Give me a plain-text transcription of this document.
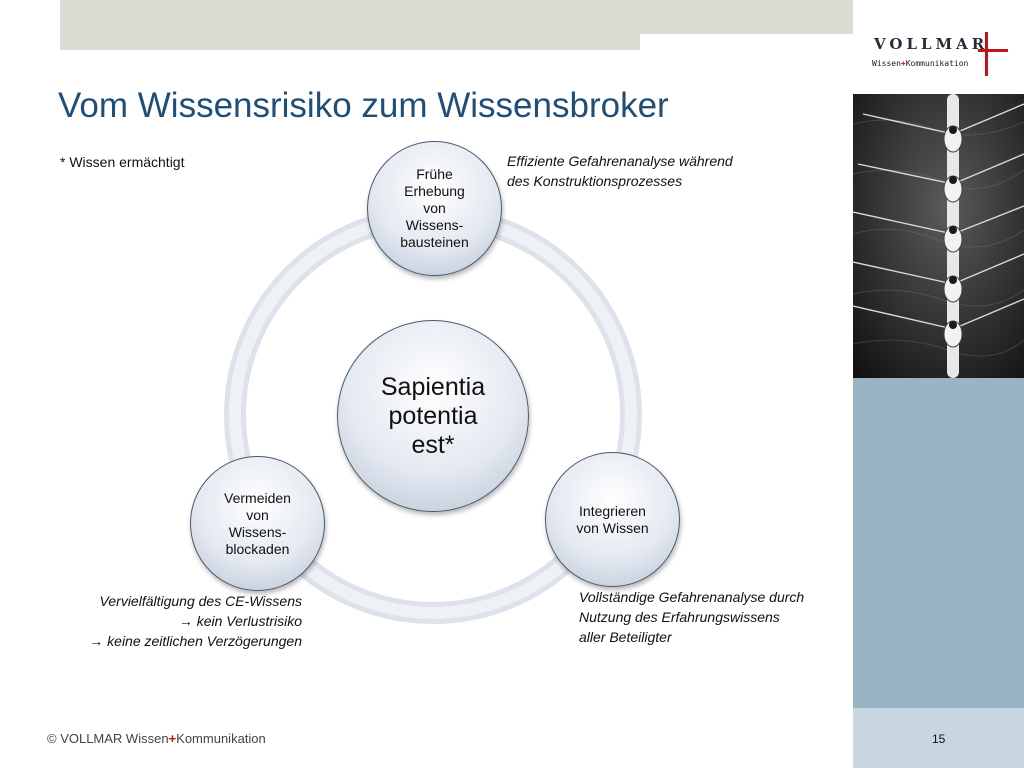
VOLLMAR
Wissen+Kommunikation
Vom Wissensrisiko zum Wissensbroker
Sapientia
potentia
est*
Frühe
Erhebung
von
Wissens-
bausteinen
Integrieren
von Wissen
Vermeiden
von
Wissens-
blockaden
* Wissen ermächtigt	Effiziente Gefahrenanalyse während
des Konstruktionsprozesses
Vervielfältigung des CE-Wissens
→ kein Verlustrisiko
→ keine zeitlichen Verzögerungen
Vollständige Gefahrenanalyse durch
Nutzung des Erfahrungswissens
aller Beteiligter
© VOLLMAR Wissen+Kommunikation	15
